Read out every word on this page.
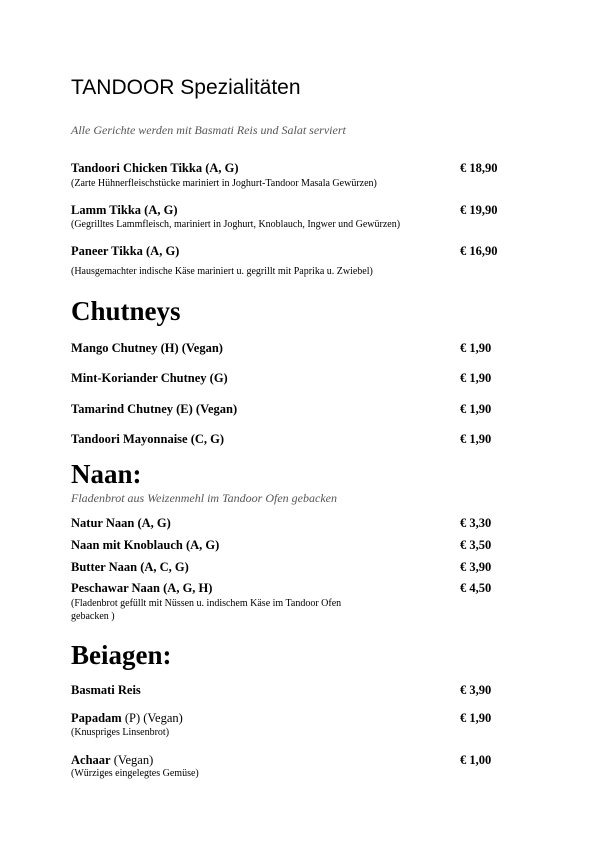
TANDOOR Spezialitäten
Alle Gerichte werden mit Basmati Reis und Salat serviert
Tandoori Chicken Tikka (A, G)	€ 18,90
(Zarte Hühnerfleischstücke mariniert in Joghurt-Tandoor Masala Gewürzen)
Lamm Tikka (A, G)	€ 19,90
(Gegrilltes Lammfleisch, mariniert in Joghurt, Knoblauch, Ingwer und Gewürzen)
Paneer Tikka (A, G)	€ 16,90
(Hausgemachter indische Käse mariniert u. gegrillt mit Paprika u. Zwiebel)
Chutneys
Mango Chutney (H) (Vegan)	€ 1,90
Mint-Koriander Chutney (G)	€ 1,90
Tamarind Chutney (E) (Vegan)	€ 1,90
Tandoori Mayonnaise (C, G)	€ 1,90
Naan:
Fladenbrot aus Weizenmehl im Tandoor Ofen gebacken
Natur Naan (A, G)	€ 3,30
Naan mit Knoblauch (A, G)	€ 3,50
Butter Naan (A, C, G)	€ 3,90
Peschawar Naan (A, G, H)	€ 4,50
(Fladenbrot gefüllt mit Nüssen u. indischem Käse im Tandoor Ofen
gebacken )
Beiagen:
Basmati Reis	€ 3,90
Papadam (P) (Vegan)	€ 1,90
(Knuspriges Linsenbrot)
Achaar (Vegan)	€ 1,00
(Würziges eingelegtes Gemüse)
